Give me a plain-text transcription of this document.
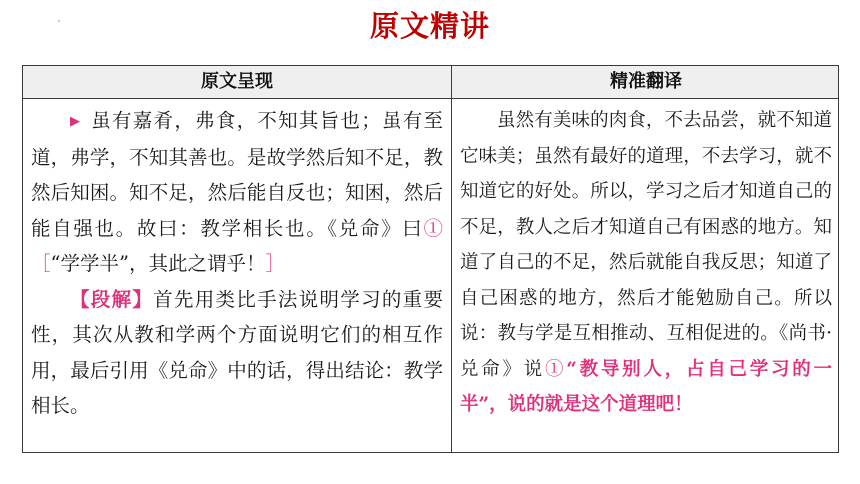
原文精讲
原文呈现	精准翻译

▶ 虽有嘉肴，弗食，不知其旨也；虽有至道，弗学，不知其善也。是故学然后知不足，教然后知困。知不足，然后能自反也；知困，然后能自强也。故曰：教学相长也。《兑命》曰①［“学学半”，其此之谓乎！］

【段解】首先用类比手法说明学习的重要性，其次从教和学两个方面说明它们的相互作用，最后引用《兑命》中的话，得出结论：教学相长。

虽然有美味的肉食，不去品尝，就不知道它味美；虽然有最好的道理，不去学习，就不知道它的好处。所以，学习之后才知道自己的不足，教人之后才知道自己有困惑的地方。知道了自己的不足，然后就能自我反思；知道了自己困惑的地方，然后才能勉励自己。所以说：教与学是互相推动、互相促进的。《尚书·兑命》说①“教导别人，占自己学习的一半”，说的就是这个道理吧！
